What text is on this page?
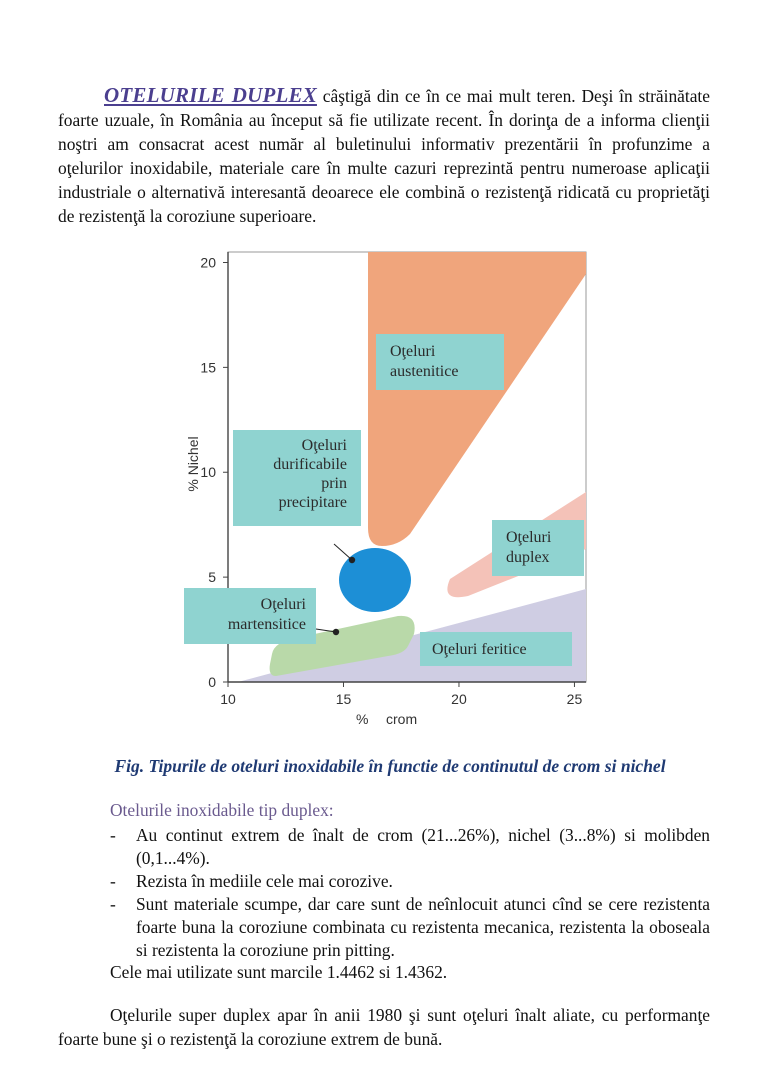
OTELURILE DUPLEX câştigă din ce în ce mai mult teren. Deşi în străinătate foarte uzuale, în România au început să fie utilizate recent. În dorinţa de a informa clienţii noştri am consacrat acest număr al buletinului informativ prezentării în profunzime a oţelurilor inoxidabile, materiale care în multe cazuri reprezintă pentru numeroase aplicaţii industriale o alternativă interesantă deoarece ele combină o rezistenţă ridicată cu proprietăţi de rezistenţă la coroziune superioare.

10	15	20	25
0
5
10
15
20
% crom
% Nichel
Oţeluri
austenitice
Oţeluri
durificabile
prin
precipitare
Oţeluri
duplex
Oţeluri
martensitice
Oţeluri feritice
Fig. Tipurile de oteluri inoxidabile în functie de continutul de crom si nichel
Otelurile inoxidabile tip duplex:
- Au continut extrem de înalt de crom (21...26%), nichel (3...8%) si molibden (0,1...4%).
- Rezista în mediile cele mai corozive.
- Sunt materiale scumpe, dar care sunt de neînlocuit atunci cînd se cere rezistenta foarte buna la coroziune combinata cu rezistenta mecanica, rezistenta la oboseala si rezistenta la coroziune prin pitting.
Cele mai utilizate sunt marcile 1.4462 si 1.4362.

Oţelurile super duplex apar în anii 1980 şi sunt oţeluri înalt aliate, cu performanţe foarte bune şi o rezistenţă la coroziune extrem de bună.
